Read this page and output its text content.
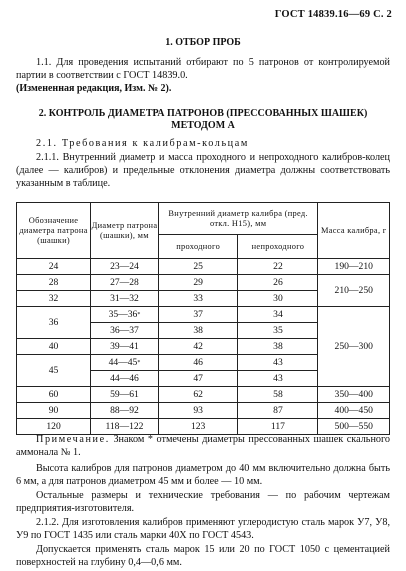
ГОСТ 14839.16—69 С. 2
1. ОТБОР ПРОБ
1.1. Для проведения испытаний отбирают по 5 патронов от контролируемой партии в соответствии с ГОСТ 14839.0.
(Измененная редакция, Изм. № 2).
2. КОНТРОЛЬ ДИАМЕТРА ПАТРОНОВ (ПРЕССОВАННЫХ ШАШЕК)
МЕТОДОМ А
2.1. Требования к калибрам-кольцам
2.1.1. Внутренний диаметр и масса проходного и непроходного калибров-колец (далее — калибров) и предельные отклонения диаметра должны соответствовать указанным в таблице.
Обозначение диаметра патрона (шашки)	Диаметр патрона (шашки), мм	Внутренний диаметр калибра (пред. откл. Н15), мм		Масса калибра, г
		проходного	непроходного	
24	23—24	25	22	190—210
28	27—28	29	26	210—250
32	31—32	33	30	
36	35—36*	37	34	250—300
	36—37	38	35	
40	39—41	42	38	
45	44—45*	46	43	
	44—46	47	43	
60	59—61	62	58	350—400
90	88—92	93	87	400—450
120	118—122	123	117	500—550
Примечание. Знаком * отмечены диаметры прессованных шашек скального аммонала № 1.
Высота калибров для патронов диаметром до 40 мм включительно должна быть 6 мм, а для патронов диаметром 45 мм и более — 10 мм.
Остальные размеры и технические требования — по рабочим чертежам предприятия-изготовителя.
2.1.2. Для изготовления калибров применяют углеродистую сталь марок У7, У8, У9 по ГОСТ 1435 или сталь марки 40Х по ГОСТ 4543.
Допускается применять сталь марок 15 или 20 по ГОСТ 1050 с цементацией поверхностей на глубину 0,4—0,6 мм.
